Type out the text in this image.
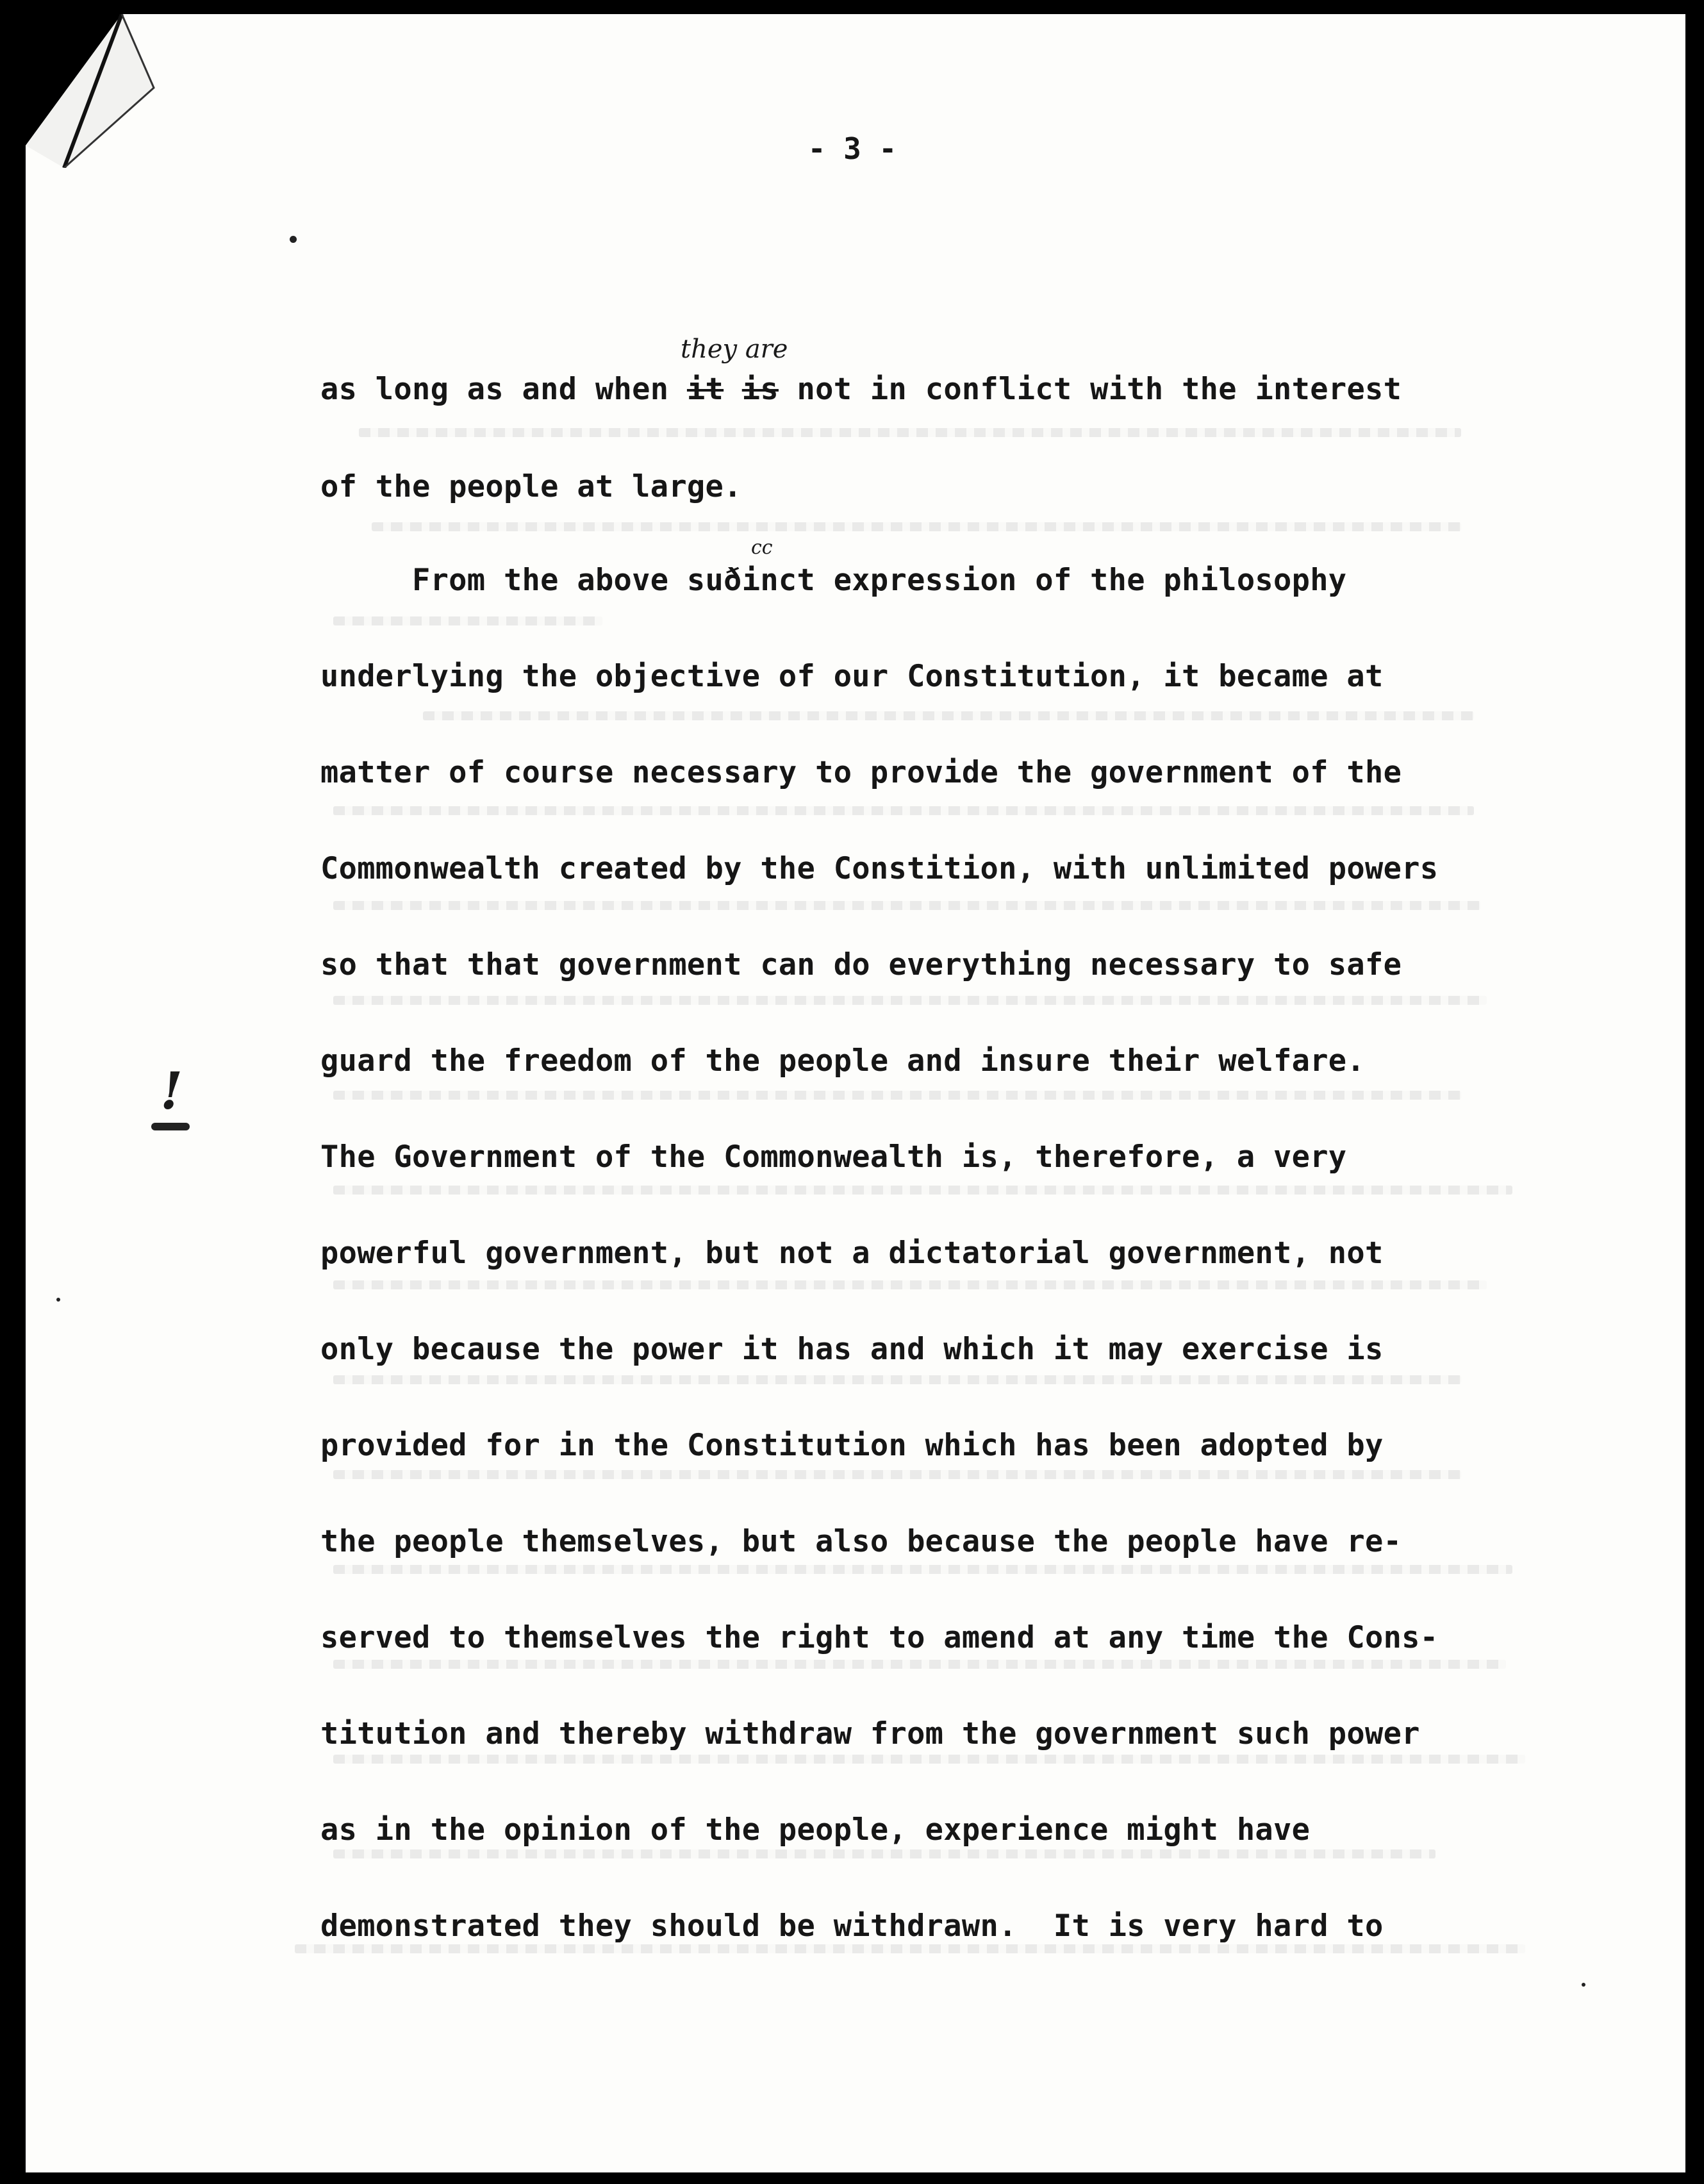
- 3 -
they are
cc
as long as and when it is not in conflict with the interest
of the people at large.
From the above suðinct expression of the philosophy
underlying the objective of our Constitution, it became at
matter of course necessary to provide the government of the
Commonwealth created by the Constition, with unlimited powers
so that that government can do everything necessary to safe
guard the freedom of the people and insure their welfare.
The Government of the Commonwealth is, therefore, a very
powerful government, but not a dictatorial government, not
only because the power it has and which it may exercise is
provided for in the Constitution which has been adopted by
the people themselves, but also because the people have re-
served to themselves the right to amend at any time the Cons-
titution and thereby withdraw from the government such power
as in the opinion of the people, experience might have
demonstrated they should be withdrawn.  It is very hard to
!
